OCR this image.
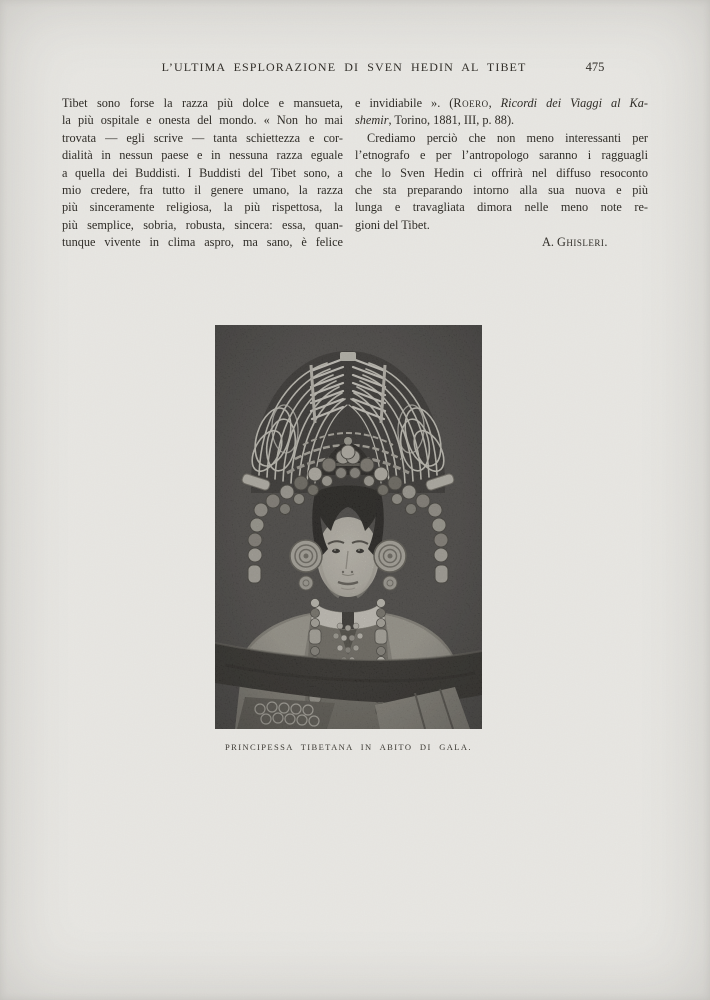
L’ULTIMA ESPLORAZIONE DI SVEN HEDIN AL TIBET	475
Tibet sono forse la razza più dolce e mansueta,
la più ospitale e onesta del mondo. « Non ho mai
trovata — egli scrive — tanta schiettezza e cor-
dialità in nessun paese e in nessuna razza eguale
a quella dei Buddisti. I Buddisti del Tibet sono, a
mio credere, fra tutto il genere umano, la razza
più sinceramente religiosa, la più rispettosa, la
più semplice, sobria, robusta, sincera: essa, quan-
tunque vivente in clima aspro, ma sano, è felice
e invidiabile ». (Roero, Ricordi dei Viaggi al Ka-
shemir, Torino, 1881, III, p. 88).
Crediamo perciò che non meno interessanti per
l’etnografo e per l’antropologo saranno i ragguagli
che lo Sven Hedin ci offrirà nel diffuso resoconto
che sta preparando intorno alla sua nuova e più
lunga e travagliata dimora nelle meno note re-
gioni del Tibet.
A. Ghisleri.
PRINCIPESSA TIBETANA IN ABITO DI GALA.
